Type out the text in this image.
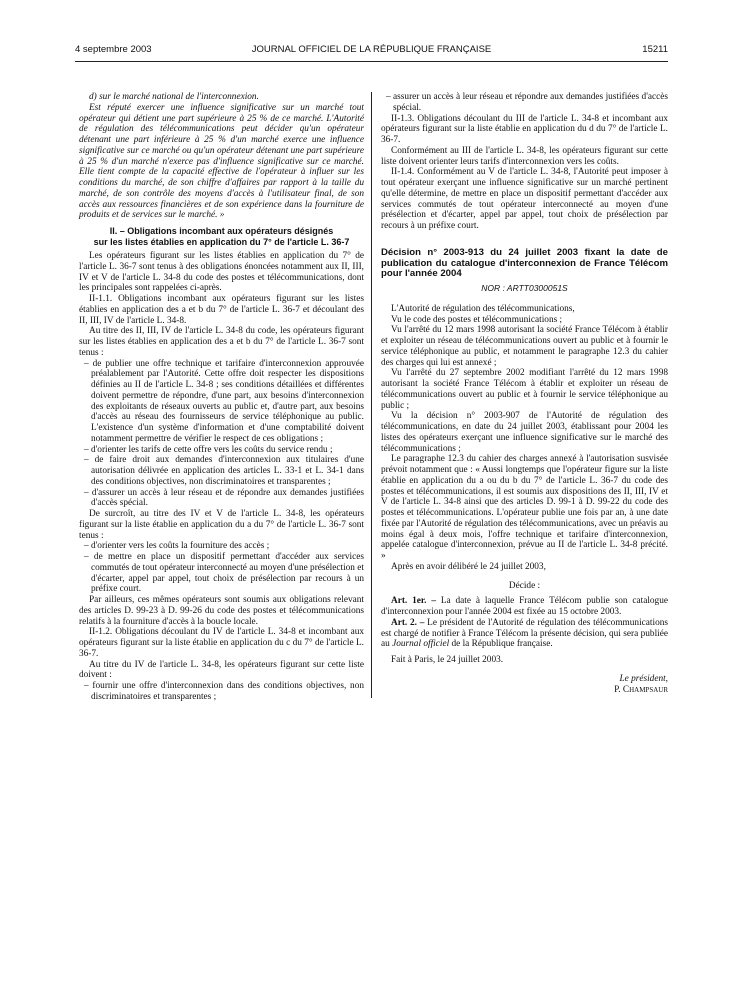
4 septembre 2003	JOURNAL OFFICIEL DE LA RÉPUBLIQUE FRANÇAISE	15211

d) sur le marché national de l'interconnexion.

Est réputé exercer une influence significative sur un marché tout opérateur qui détient une part supérieure à 25 % de ce marché. L'Autorité de régulation des télécommunications peut décider qu'un opérateur détenant une part inférieure à 25 % d'un marché exerce une influence significative sur ce marché ou qu'un opérateur détenant une part supérieure à 25 % d'un marché n'exerce pas d'influence significative sur ce marché. Elle tient compte de la capacité effective de l'opérateur à influer sur les conditions du marché, de son chiffre d'affaires par rapport à la taille du marché, de son contrôle des moyens d'accès à l'utilisateur final, de son accès aux ressources financières et de son expérience dans la fourniture de produits et de services sur le marché. »

II. – Obligations incombant aux opérateurs désignés
sur les listes établies en application du 7° de l'article L. 36-7

Les opérateurs figurant sur les listes établies en application du 7° de l'article L. 36-7 sont tenus à des obligations énoncées notamment aux II, III, IV et V de l'article L. 34-8 du code des postes et télécommunications, dont les principales sont rappelées ci-après.

II-1.1. Obligations incombant aux opérateurs figurant sur les listes établies en application des a et b du 7° de l'article L. 36-7 et découlant des II, III, IV de l'article L. 34-8.

Au titre des II, III, IV de l'article L. 34-8 du code, les opérateurs figurant sur les listes établies en application des a et b du 7° de l'article L. 36-7 sont tenus :

– de publier une offre technique et tarifaire d'interconnexion approuvée préalablement par l'Autorité. Cette offre doit respecter les dispositions définies au II de l'article L. 34-8 ; ses conditions détaillées et différentes doivent permettre de répondre, d'une part, aux besoins d'interconnexion des exploitants de réseaux ouverts au public et, d'autre part, aux besoins d'accès au réseau des fournisseurs de service téléphonique au public. L'existence d'un système d'information et d'une comptabilité doivent notamment permettre de vérifier le respect de ces obligations ;

– d'orienter les tarifs de cette offre vers les coûts du service rendu ;

– de faire droit aux demandes d'interconnexion aux titulaires d'une autorisation délivrée en application des articles L. 33-1 et L. 34-1 dans des conditions objectives, non discriminatoires et transparentes ;

– d'assurer un accès à leur réseau et de répondre aux demandes justifiées d'accès spécial.

De surcroît, au titre des IV et V de l'article L. 34-8, les opérateurs figurant sur la liste établie en application du a du 7° de l'article L. 36-7 sont tenus :

– d'orienter vers les coûts la fourniture des accès ;

– de mettre en place un dispositif permettant d'accéder aux services commutés de tout opérateur interconnecté au moyen d'une présélection et d'écarter, appel par appel, tout choix de présélection par recours à un préfixe court.

Par ailleurs, ces mêmes opérateurs sont soumis aux obligations relevant des articles D. 99-23 à D. 99-26 du code des postes et télécommunications relatifs à la fourniture d'accès à la boucle locale.

II-1.2. Obligations découlant du IV de l'article L. 34-8 et incombant aux opérateurs figurant sur la liste établie en application du c du 7° de l'article L. 36-7.

Au titre du IV de l'article L. 34-8, les opérateurs figurant sur cette liste doivent :

– fournir une offre d'interconnexion dans des conditions objectives, non discriminatoires et transparentes ;

– assurer un accès à leur réseau et répondre aux demandes justifiées d'accès spécial.

II-1.3. Obligations découlant du III de l'article L. 34-8 et incombant aux opérateurs figurant sur la liste établie en application du d du 7° de l'article L. 36-7.

Conformément au III de l'article L. 34-8, les opérateurs figurant sur cette liste doivent orienter leurs tarifs d'interconnexion vers les coûts.

II-1.4. Conformément au V de l'article L. 34-8, l'Autorité peut imposer à tout opérateur exerçant une influence significative sur un marché pertinent qu'elle détermine, de mettre en place un dispositif permettant d'accéder aux services commutés de tout opérateur interconnecté au moyen d'une présélection et d'écarter, appel par appel, tout choix de présélection par recours à un préfixe court.

Décision n° 2003-913 du 24 juillet 2003 fixant la date de publication du catalogue d'interconnexion de France Télécom pour l'année 2004

NOR : ARTT0300051S

L'Autorité de régulation des télécommunications,

Vu le code des postes et télécommunications ;

Vu l'arrêté du 12 mars 1998 autorisant la société France Télécom à établir et exploiter un réseau de télécommunications ouvert au public et à fournir le service téléphonique au public, et notamment le paragraphe 12.3 du cahier des charges qui lui est annexé ;

Vu l'arrêté du 27 septembre 2002 modifiant l'arrêté du 12 mars 1998 autorisant la société France Télécom à établir et exploiter un réseau de télécommunications ouvert au public et à fournir le service téléphonique au public ;

Vu la décision n° 2003-907 de l'Autorité de régulation des télécommunications, en date du 24 juillet 2003, établissant pour 2004 les listes des opérateurs exerçant une influence significative sur le marché des télécommunications ;

Le paragraphe 12.3 du cahier des charges annexé à l'autorisation susvisée prévoit notamment que : « Aussi longtemps que l'opérateur figure sur la liste établie en application du a ou du b du 7° de l'article L. 36-7 du code des postes et télécommunications, il est soumis aux dispositions des II, III, IV et V de l'article L. 34-8 ainsi que des articles D. 99-1 à D. 99-22 du code des postes et télécommunications. L'opérateur publie une fois par an, à une date fixée par l'Autorité de régulation des télécommunications, avec un préavis au moins égal à deux mois, l'offre technique et tarifaire d'interconnexion, appelée catalogue d'interconnexion, prévue au II de l'article L. 34-8 précité. »

Après en avoir délibéré le 24 juillet 2003,

Décide :

Art. 1er. – La date à laquelle France Télécom publie son catalogue d'interconnexion pour l'année 2004 est fixée au 15 octobre 2003.

Art. 2. – Le président de l'Autorité de régulation des télécommunications est chargé de notifier à France Télécom la présente décision, qui sera publiée au Journal officiel de la République française.

Fait à Paris, le 24 juillet 2003.

Le président,

P. Champsaur
